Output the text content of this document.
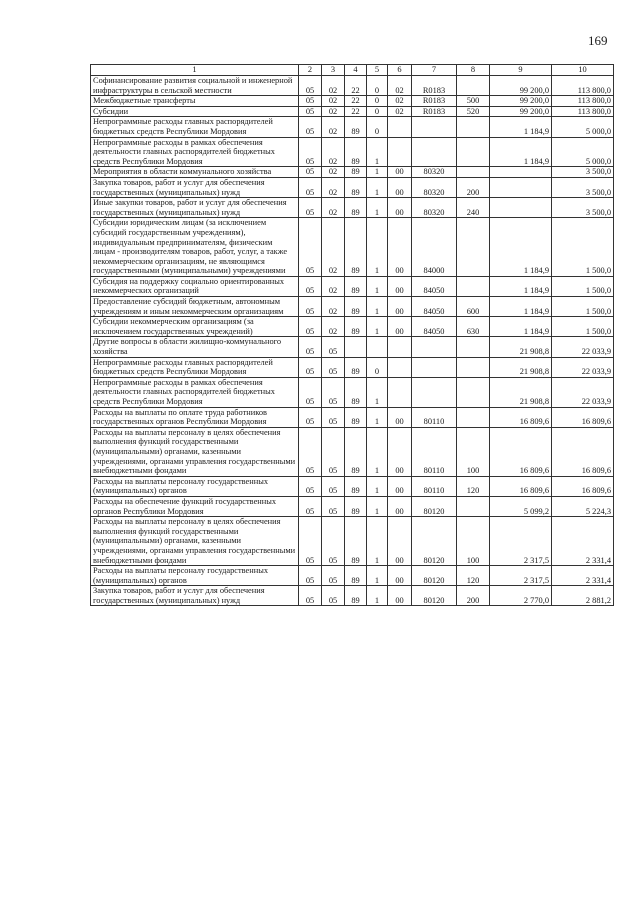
169
1	2	3	4	5	6	7	8	9	10
Софинансирование развития социальной и инженерной инфраструктуры в сельской местности	05	02	22	0	02	R0183		99 200,0	113 800,0
Межбюджетные трансферты	05	02	22	0	02	R0183	500	99 200,0	113 800,0
Субсидии	05	02	22	0	02	R0183	520	99 200,0	113 800,0
Непрограммные расходы главных распорядителей бюджетных средств Республики Мордовия	05	02	89	0				1 184,9	5 000,0
Непрограммные расходы в рамках обеспечения деятельности главных распорядителей бюджетных средств Республики Мордовия	05	02	89	1				1 184,9	5 000,0
Мероприятия в области коммунального хозяйства	05	02	89	1	00	80320			3 500,0
Закупка товаров, работ и услуг для обеспечения государственных (муниципальных) нужд	05	02	89	1	00	80320	200		3 500,0
Иные закупки товаров, работ и услуг для обеспечения государственных (муниципальных) нужд	05	02	89	1	00	80320	240		3 500,0
Субсидии юридическим лицам (за исключением субсидий государственным учреждениям), индивидуальным предпринимателям, физическим лицам - производителям товаров, работ, услуг, а также некоммерческим организациям, не являющимся государственными (муниципальными) учреждениями	05	02	89	1	00	84000		1 184,9	1 500,0
Субсидия на поддержку социально ориентированных некоммерческих организаций	05	02	89	1	00	84050		1 184,9	1 500,0
Предоставление субсидий бюджетным, автономным учреждениям и иным некоммерческим организациям	05	02	89	1	00	84050	600	1 184,9	1 500,0
Субсидии некоммерческим организациям (за исключением государственных учреждений)	05	02	89	1	00	84050	630	1 184,9	1 500,0
Другие вопросы в области жилищно-коммунального хозяйства	05	05						21 908,8	22 033,9
Непрограммные расходы главных распорядителей бюджетных средств Республики Мордовия	05	05	89	0				21 908,8	22 033,9
Непрограммные расходы в рамках обеспечения деятельности главных распорядителей бюджетных средств Республики Мордовия	05	05	89	1				21 908,8	22 033,9
Расходы на выплаты по оплате труда работников государственных органов Республики Мордовия	05	05	89	1	00	80110		16 809,6	16 809,6
Расходы на выплаты персоналу в целях обеспечения выполнения функций государственными (муниципальными) органами, казенными учреждениями, органами управления государственными внебюджетными фондами	05	05	89	1	00	80110	100	16 809,6	16 809,6
Расходы на выплаты персоналу государственных (муниципальных) органов	05	05	89	1	00	80110	120	16 809,6	16 809,6
Расходы на обеспечение функций государственных органов Республики Мордовия	05	05	89	1	00	80120		5 099,2	5 224,3
Расходы на выплаты персоналу в целях обеспечения выполнения функций государственными (муниципальными) органами, казенными учреждениями, органами управления государственными внебюджетными фондами	05	05	89	1	00	80120	100	2 317,5	2 331,4
Расходы на выплаты персоналу государственных (муниципальных) органов	05	05	89	1	00	80120	120	2 317,5	2 331,4
Закупка товаров, работ и услуг для обеспечения государственных (муниципальных) нужд	05	05	89	1	00	80120	200	2 770,0	2 881,2
